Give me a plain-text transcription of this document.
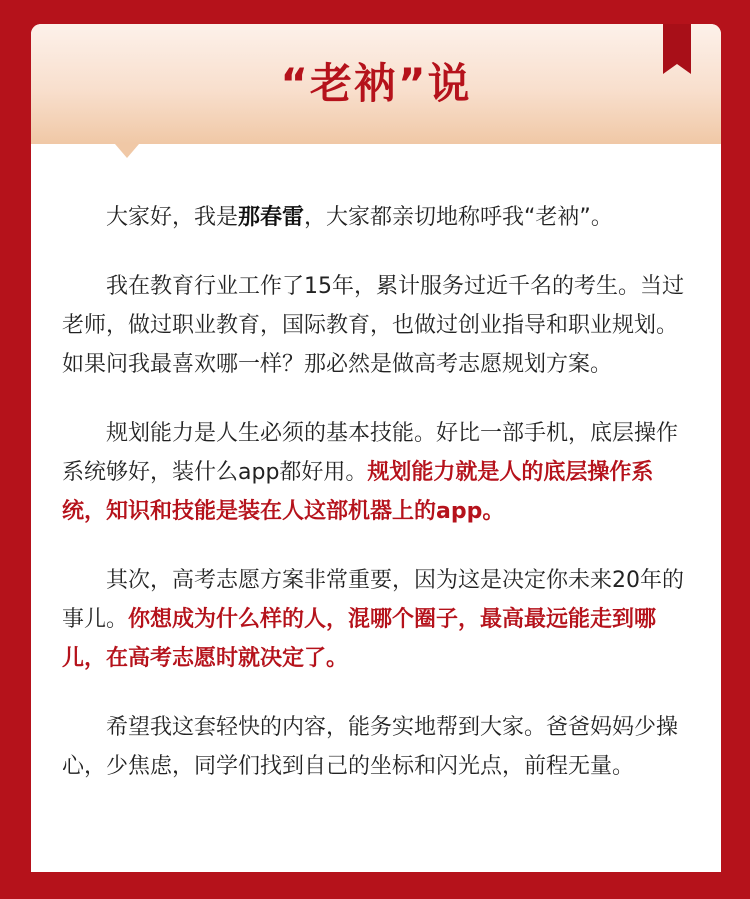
“老衲”说

大家好，我是那春雷，大家都亲切地称呼我“老衲”。

我在教育行业工作了15年，累计服务过近千名的考生。当过老师，做过职业教育，国际教育，也做过创业指导和职业规划。如果问我最喜欢哪一样？那必然是做高考志愿规划方案。

规划能力是人生必须的基本技能。好比一部手机，底层操作系统够好，装什么app都好用。规划能力就是人的底层操作系统，知识和技能是装在人这部机器上的app。

其次，高考志愿方案非常重要，因为这是决定你未来20年的事儿。你想成为什么样的人，混哪个圈子，最高最远能走到哪儿，在高考志愿时就决定了。

希望我这套轻快的内容，能务实地帮到大家。爸爸妈妈少操心，少焦虑，同学们找到自己的坐标和闪光点，前程无量。
